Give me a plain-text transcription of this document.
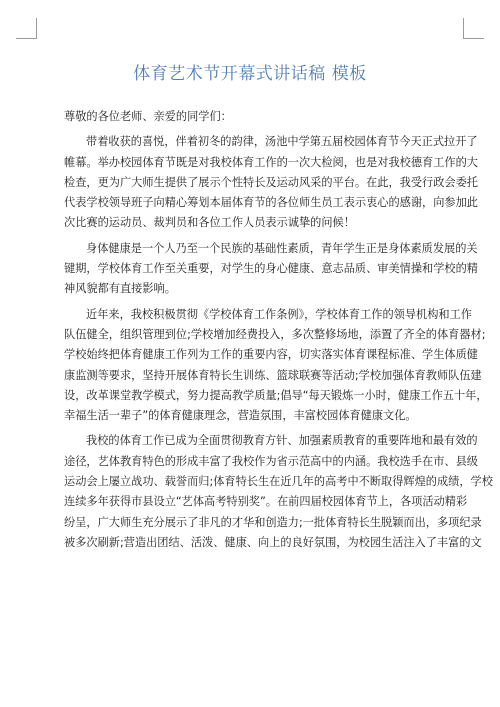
体育艺术节开幕式讲话稿 模板
尊敬的各位老师、亲爱的同学们：
带着收获的喜悦，伴着初冬的韵律，汤池中学第五届校园体育节今天正式拉开了
帷幕。举办校园体育节既是对我校体育工作的一次大检阅，也是对我校德育工作的大
检查，更为广大师生提供了展示个性特长及运动风采的平台。在此，我受行政会委托
代表学校领导班子向精心筹划本届体育节的各位师生员工表示衷心的感谢，向参加此
次比赛的运动员、裁判员和各位工作人员表示诚挚的问候！
身体健康是一个人乃至一个民族的基础性素质，青年学生正是身体素质发展的关
键期，学校体育工作至关重要，对学生的身心健康、意志品质、审美情操和学校的精
神风貌都有直接影响。
近年来，我校积极贯彻《学校体育工作条例》，学校体育工作的领导机构和工作
队伍健全，组织管理到位;学校增加经费投入，多次整修场地，添置了齐全的体育器材;
学校始终把体育健康工作列为工作的重要内容，切实落实体育课程标准、学生体质健
康监测等要求，坚持开展体育特长生训练、篮球联赛等活动;学校加强体育教师队伍建
设，改革课堂教学模式，努力提高教学质量;倡导“每天锻炼一小时，健康工作五十年，
幸福生活一辈子”的体育健康理念，营造氛围，丰富校园体育健康文化。
我校的体育工作已成为全面贯彻教育方针、加强素质教育的重要阵地和最有效的
途径，艺体教育特色的形成丰富了我校作为省示范高中的内涵。我校选手在市、县级
运动会上屡立战功、载誉而归;体育特长生在近几年的高考中不断取得辉煌的成绩，学校
连续多年获得市县设立“艺体高考特别奖”。在前四届校园体育节上，各项活动精彩
纷呈，广大师生充分展示了非凡的才华和创造力;一批体育特长生脱颖而出，多项纪录
被多次刷新;营造出团结、活泼、健康、向上的良好氛围，为校园生活注入了丰富的文
